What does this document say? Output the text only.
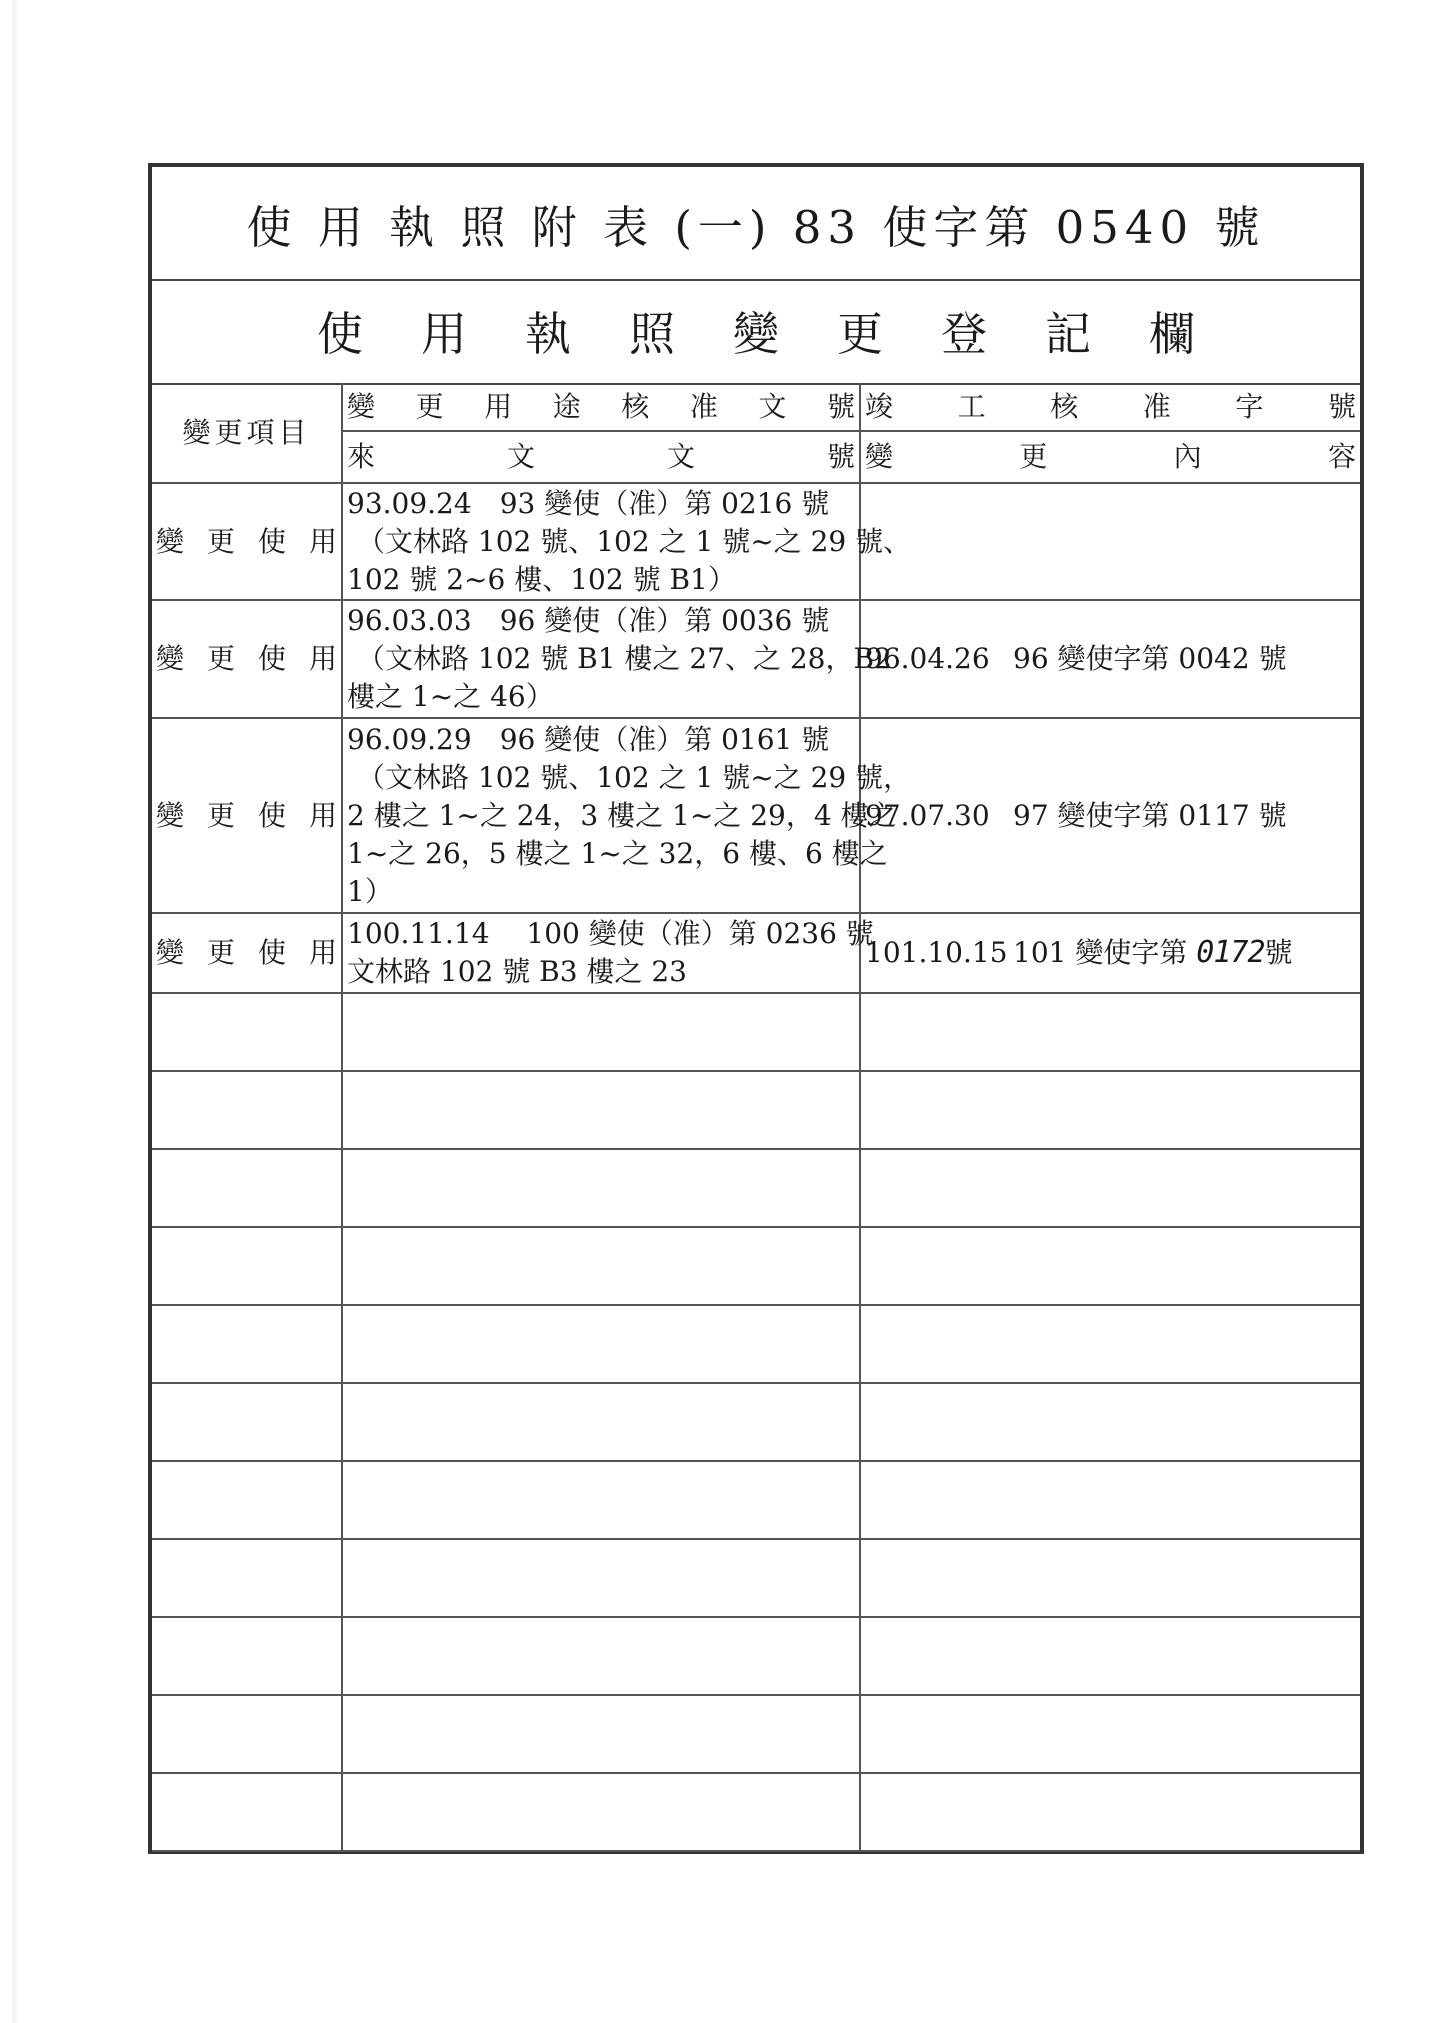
使 用 執 照 附 表 (一) 83 使字第 0540 號
使 用 執 照 變 更 登 記 欄
變更項目	變更用途核准文號	竣工核准字號
	來文文號	變更內容
變更使用	93.09.24　93 變使（准）第 0216 號
（文林路 102 號、102 之 1 號~之 29 號、
102 號 2~6 樓、102 號 B1）	

變更使用	96.03.03　96 變使（准）第 0036 號
（文林路 102 號 B1 樓之 27、之 28，B2
樓之 1~之 46）	96.04.26 96 變使字第 0042 號
變更使用	96.09.29　96 變使（准）第 0161 號
（文林路 102 號、102 之 1 號~之 29 號，
2 樓之 1~之 24，3 樓之 1~之 29，4 樓之
1~之 26，5 樓之 1~之 32，6 樓、6 樓之
1）	97.07.30 97 變使字第 0117 號
變更使用	100.11.14　 100 變使（准）第 0236 號
文林路 102 號 B3 樓之 23	101.10.15 101 變使字第 0172號
